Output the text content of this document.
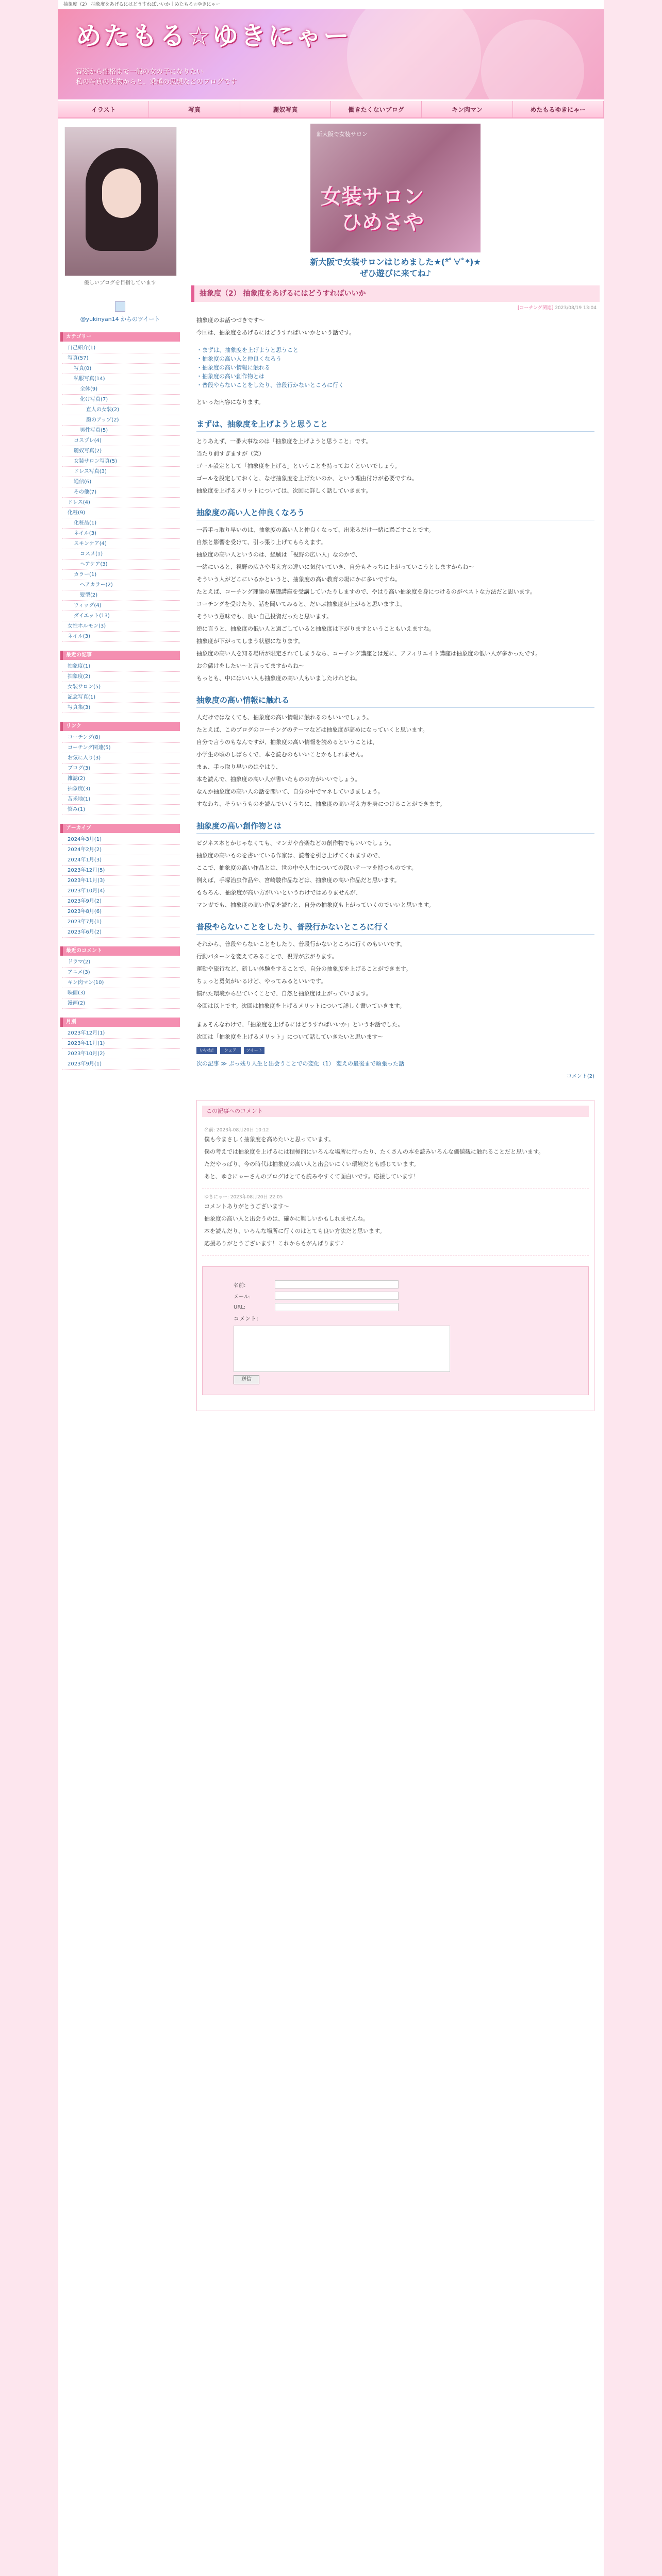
抽象度（2） 抽象度をあげるにはどうすればいいか｜めたもる☆ゆきにゃー
めたもる☆ゆきにゃー
容姿から性格まで一般の女の子になりたい
私の写真の実物からと、乗越の思想などのブログです
イラスト	写真	麗奴写真	働きたくないブログ	キン肉マン	めたもるゆきにゃー
優しいブログを目指しています
@yukinyan14 からのツイート
カテゴリー
自己紹介(1)
写真(57)
写真(0)
私服写真(14)
全体(9)
化け写真(7)
直人の女装(2)
顔のアップ(2)
男性写真(5)
コスプレ(4)
麗奴写真(2)
女装サロン写真(5)
ドレス写真(3)
通信(6)
その他(7)
ドレス(4)
化粧(9)
化粧品(1)
ネイル(3)
スキンケア(4)
コスメ(1)
ヘアケア(3)
カラー(1)
ヘアカラー(2)
髪型(2)
ウィッグ(4)
ダイエット(13)
女性ホルモン(3)
ネイル(3)
最近の記事
抽象度(1)
抽象度(2)
女装サロン(5)
記念写真(1)
写真集(3)
リンク
コーチング(8)
コーチング関連(5)
お気に入り(3)
ブログ(3)
雑誌(2)
抽象度(3)
苫米地(1)
悩み(1)
アーカイブ
2024年3月(1)
2024年2月(2)
2024年1月(3)
2023年12月(5)
2023年11月(3)
2023年10月(4)
2023年9月(2)
2023年8月(6)
2023年7月(1)
2023年6月(2)
最近のコメント
ドラマ(2)
アニメ(3)
キン肉マン(10)
映画(3)
漫画(2)
月別
2023年12月(1)
2023年11月(1)
2023年10月(2)
2023年9月(1)
新大阪で女装サロン
女装サロン
ひめさや
新大阪で女装サロンはじめました★(*ﾟ∀ﾟ*)★
ぜひ遊びに来てね♪
抽象度（2） 抽象度をあげるにはどうすればいいか
[コーチング関連] 2023/08/19 13:04

抽象度のお話つづきです〜

今回は、抽象度をあげるにはどうすればいいかという話です。

・まずは、抽象度を上げようと思うこと
・抽象度の高い人と仲良くなろう
・抽象度の高い情報に触れる
・抽象度の高い創作物とは
・普段やらないことをしたり、普段行かないところに行く

といった内容になります。

まずは、抽象度を上げようと思うこと

とりあえず、一番大事なのは「抽象度を上げようと思うこと」です。

当たり前すぎますが（笑）

ゴール設定として「抽象度を上げる」ということを持っておくといいでしょう。

ゴールを設定しておくと、なぜ抽象度を上げたいのか、という理由付けが必要ですね。

抽象度を上げるメリットについては、次回に詳しく話していきます。

抽象度の高い人と仲良くなろう

一番手っ取り早いのは、抽象度の高い人と仲良くなって、出来るだけ一緒に過ごすことです。

自然と影響を受けて、引っ張り上げてもらえます。

抽象度の高い人というのは、経験は「視野の広い人」なのかで、

一緒にいると、視野の広さや考え方の違いに気付いていき、自分もそっちに上がっていこうとしますからね〜

そういう人がどこにいるかというと、抽象度の高い教育の場にかに多いですね。

たとえば、コーチング理論の基礎講座を受講していたりしますので、やはり高い抽象度を身につけるのがベストな方法だと思います。

コーチングを受けたり、話を聞いてみると、だいぶ抽象度が上がると思いますよ。

そういう意味でも、良い自己投資だったと思います。

逆に言うと、抽象度の低い人と過ごしていると抽象度は下がりますということもいえますね。

抽象度が下がってしまう状態になります。

抽象度の高い人を知る場所が限定されてしまうなら、コーチング講座とは逆に、アフィリエイト講座は抽象度の低い人が多かったです。

お金儲けをしたい〜と言ってますからね〜

もっとも、中にはいい人も抽象度の高い人もいましたけれどね。

抽象度の高い情報に触れる

人だけではなくても、抽象度の高い情報に触れるのもいいでしょう。

たとえば、このブログのコーチングのテーマなどは抽象度が高めになっていくと思います。

自分で言うのもなんですが、抽象度の高い情報を読めるということは、

小学生の頃のしばらくで、本を読むのもいいことかもしれません。

まぁ、手っ取り早いのはやはり、

本を読んで、抽象度の高い人が書いたものの方がいいでしょう。

なんか抽象度の高い人の話を聞いて、自分の中でマネしていきましょう。

すなわち、そういうものを読んでいくうちに、抽象度の高い考え方を身につけることができます。

抽象度の高い創作物とは

ビジネス本とかじゃなくても、マンガや音楽などの創作物でもいいでしょう。

抽象度の高いものを書いている作家は、読者を引き上げてくれますので、

ここで、抽象度の高い作品とは、世の中や人生についての深いテーマを持つものです。

例えば、手塚治虫作品や、宮崎駿作品などは、抽象度の高い作品だと思います。

もちろん、抽象度が高い方がいいというわけではありませんが、

マンガでも、抽象度の高い作品を読むと、自分の抽象度も上がっていくのでいいと思います。

普段やらないことをしたり、普段行かないところに行く

それから、普段やらないことをしたり、普段行かないところに行くのもいいです。

行動パターンを変えてみることで、視野が広がります。

運動や旅行など、新しい体験をすることで、自分の抽象度を上げることができます。

ちょっと勇気がいるけど、やってみるといいです。

慣れた環境から出ていくことで、自然と抽象度は上がっていきます。

今回は以上です。次回は抽象度を上げるメリットについて詳しく書いていきます。

まぁそんなわけで、「抽象度を上げるにはどうすればいいか」というお話でした。

次回は「抽象度を上げるメリット」について話していきたいと思います〜

いいね!	シェア	ツイート
次の記事 ≫ ぷっ残り人生と出会うことでの変化（1） 変えの最後まで頑張った話
コメント(2)
この記事へのコメント
名前: 2023年08月20日 10:12

僕も今まさしく抽象度を高めたいと思っています。

僕の考えでは抽象度を上げるには積極的にいろんな場所に行ったり、たくさんの本を読みいろんな価値観に触れることだと思います。

ただやっぱり、今の時代は抽象度の高い人と出会いにくい環境だとも感じています。

あと、ゆきにゃーさんのブログはとても読みやすくて面白いです。応援しています！

ゆきにゃー: 2023年08月20日 22:05

コメントありがとうございます〜

抽象度の高い人と出会うのは、確かに難しいかもしれませんね。

本を読んだり、いろんな場所に行くのはとても良い方法だと思います。

応援ありがとうございます！これからもがんばります♪

名前:
メール:
URL:
コメント:
送信
